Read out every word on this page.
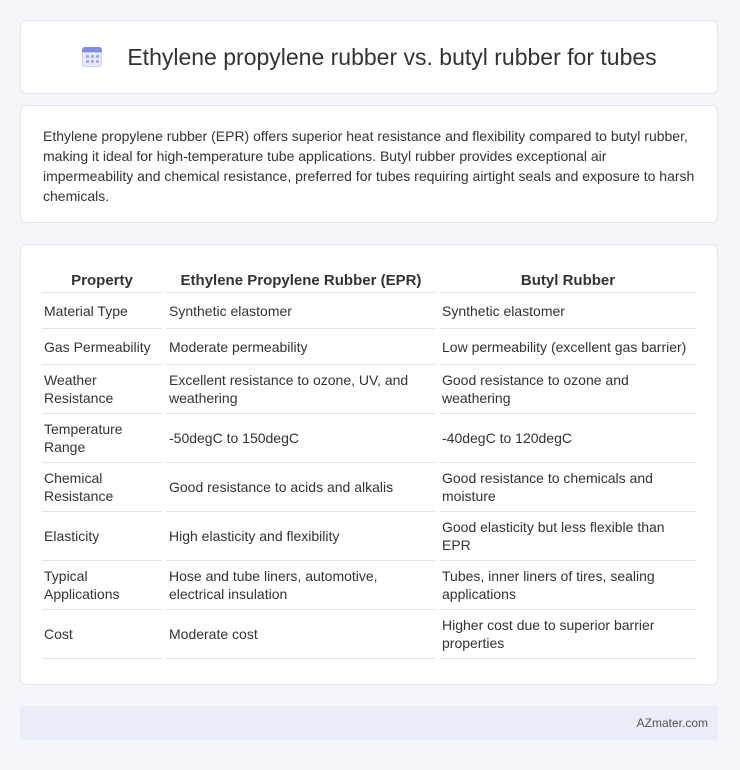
Ethylene propylene rubber vs. butyl rubber for tubes

Ethylene propylene rubber (EPR) offers superior heat resistance and flexibility compared to butyl rubber, making it ideal for high-temperature tube applications. Butyl rubber provides exceptional air impermeability and chemical resistance, preferred for tubes requiring airtight seals and exposure to harsh chemicals.

Property	Ethylene Propylene Rubber (EPR)	Butyl Rubber
Material Type	Synthetic elastomer	Synthetic elastomer
Gas Permeability	Moderate permeability	Low permeability (excellent gas barrier)
Weather Resistance	Excellent resistance to ozone, UV, and weathering	Good resistance to ozone and weathering
Temperature Range	-50degC to 150degC	-40degC to 120degC
Chemical Resistance	Good resistance to acids and alkalis	Good resistance to chemicals and moisture
Elasticity	High elasticity and flexibility	Good elasticity but less flexible than EPR
Typical Applications	Hose and tube liners, automotive, electrical insulation	Tubes, inner liners of tires, sealing applications
Cost	Moderate cost	Higher cost due to superior barrier properties
AZmater.com
